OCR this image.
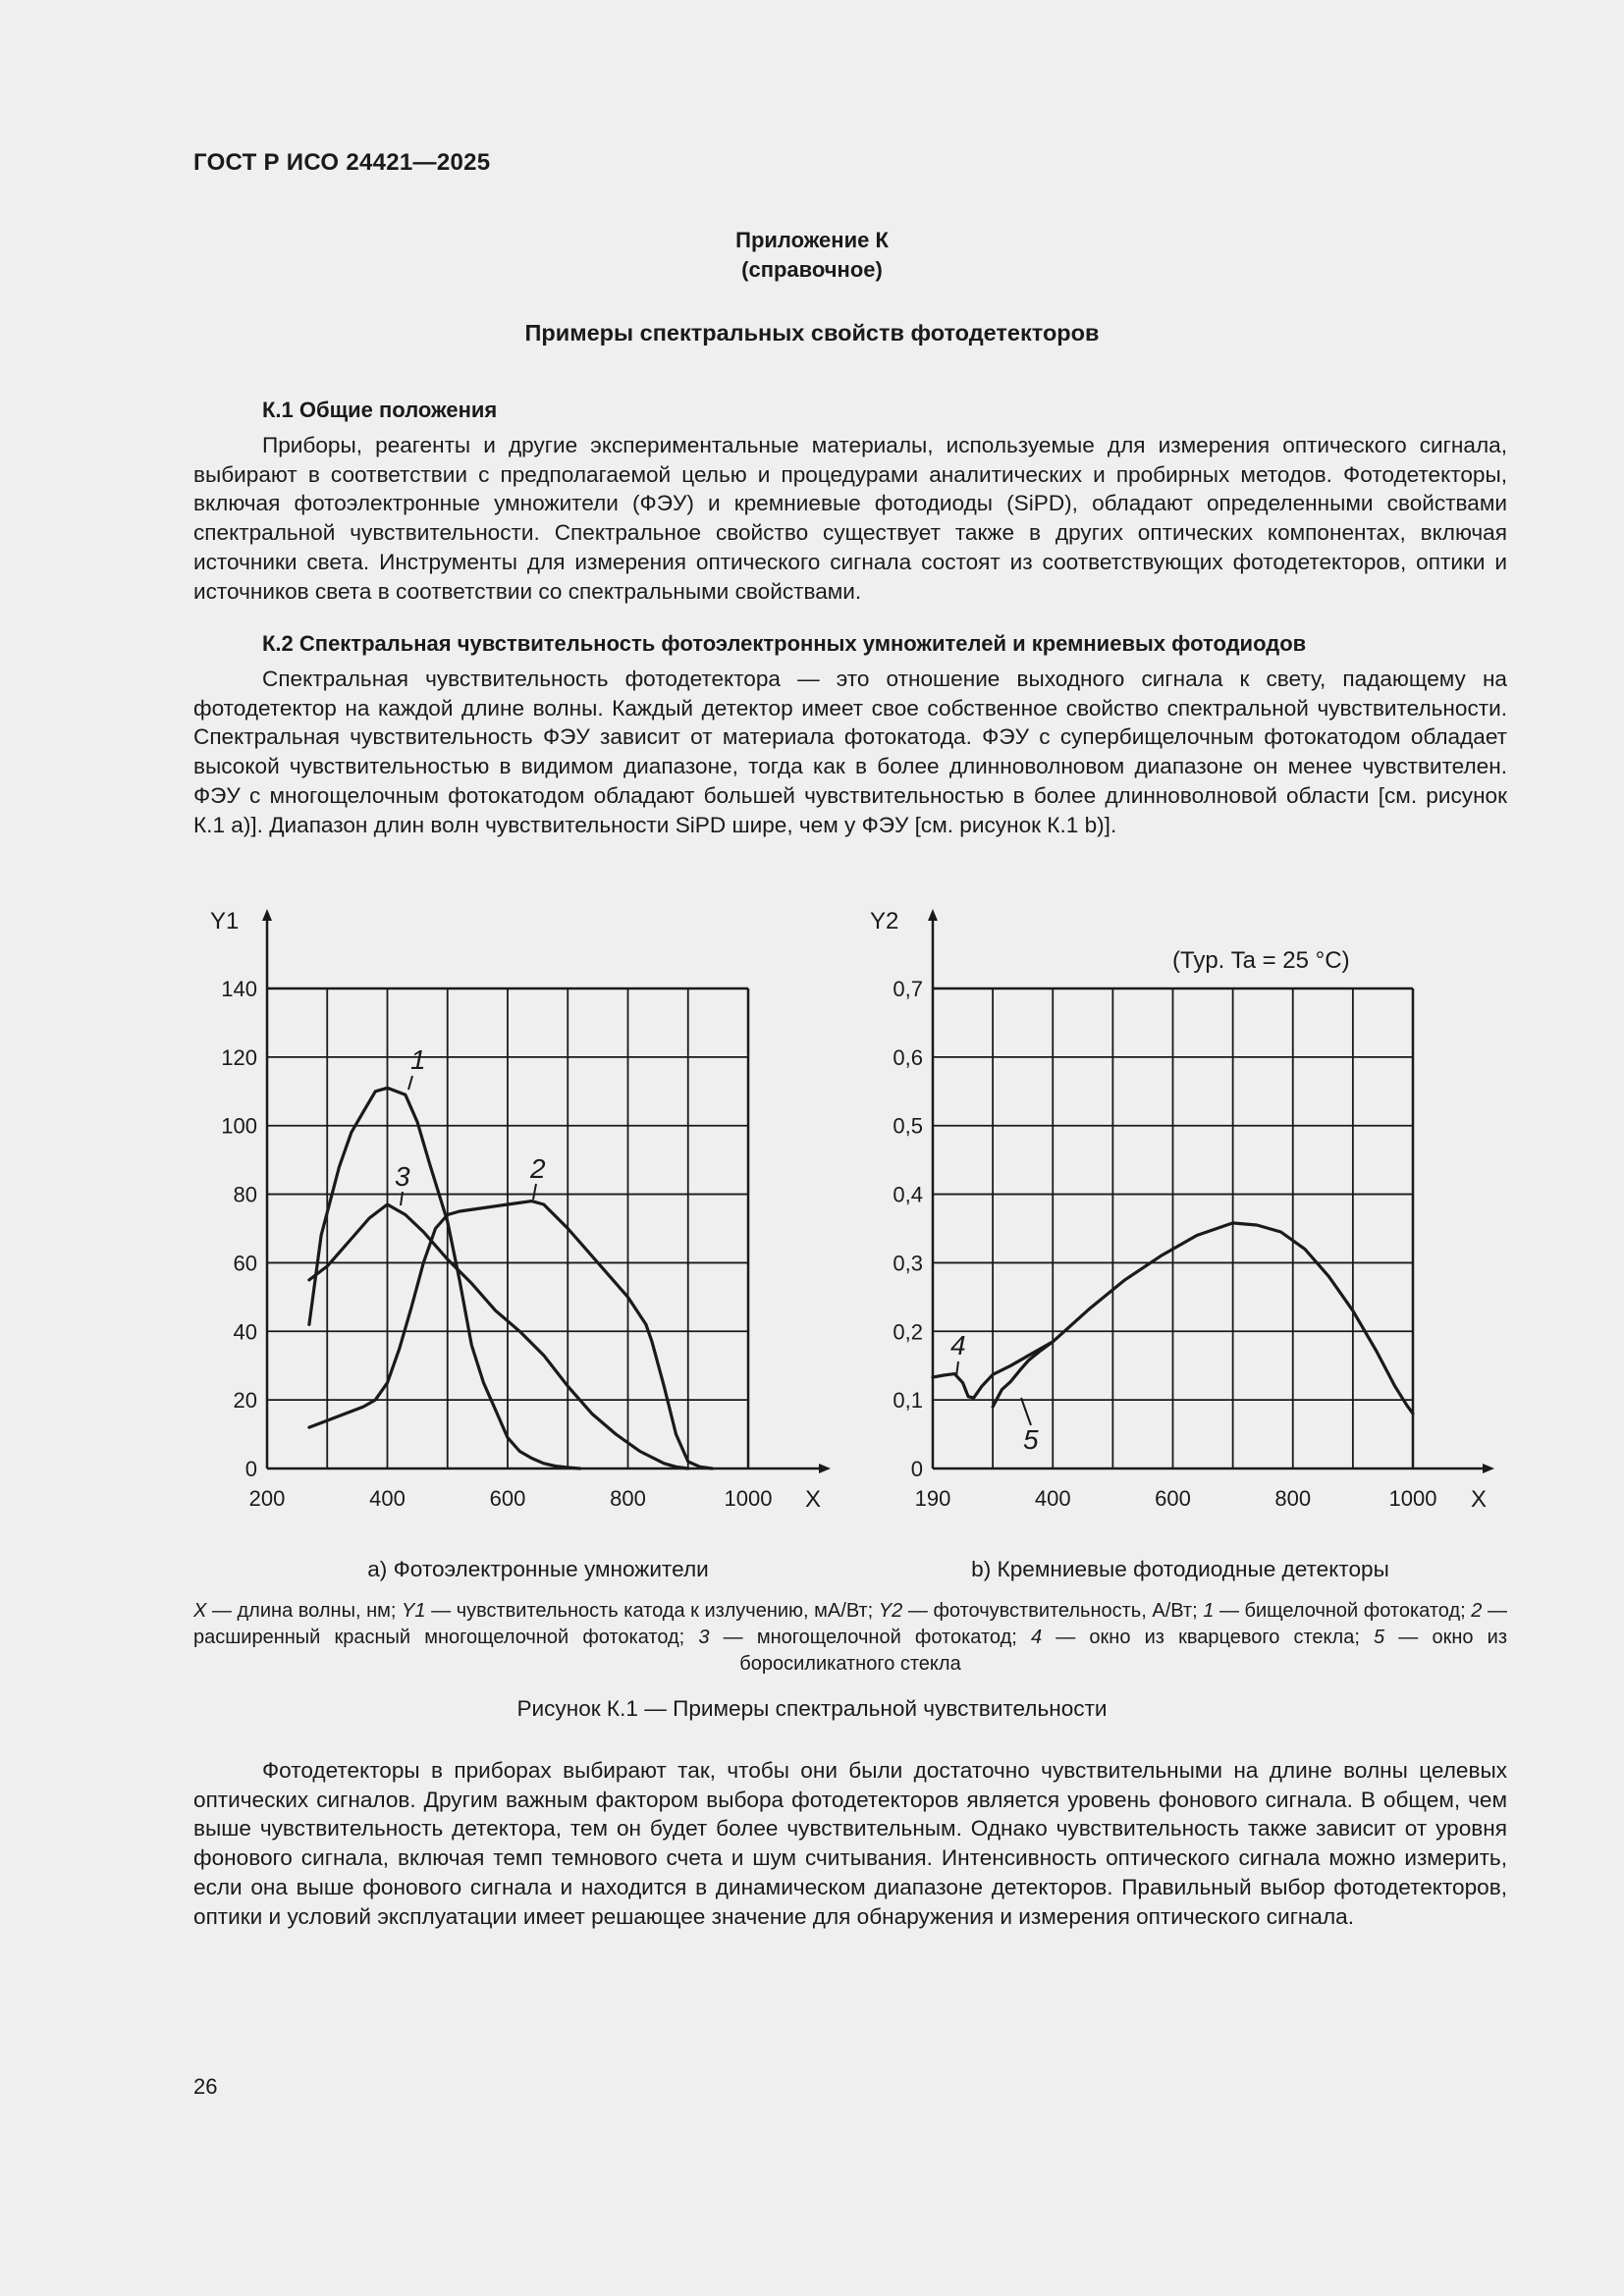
ГОСТ Р ИСО 24421—2025
Приложение К
(справочное)
Примеры спектральных свойств фотодетекторов
К.1 Общие положения

Приборы, реагенты и другие экспериментальные материалы, используемые для измерения оптического сигнала, выбирают в соответствии с предполагаемой целью и процедурами аналитических и пробирных методов. Фотодетекторы, включая фотоэлектронные умножители (ФЭУ) и кремниевые фотодиоды (SiPD), обладают определенными свойствами спектральной чувствительности. Спектральное свойство существует также в других оптических компонентах, включая источники света. Инструменты для измерения оптического сигнала состоят из соответствующих фотодетекторов, оптики и источников света в соответствии со спектральными свойствами.

К.2 Спектральная чувствительность фотоэлектронных умножителей и кремниевых фотодиодов

Спектральная чувствительность фотодетектора — это отношение выходного сигнала к свету, падающему на фотодетектор на каждой длине волны. Каждый детектор имеет свое собственное свойство спектральной чувствительности. Спектральная чувствительность ФЭУ зависит от материала фотокатода. ФЭУ с супербищелочным фотокатодом обладает высокой чувствительностью в видимом диапазоне, тогда как в более длинноволновом диапазоне он менее чувствителен. ФЭУ с многощелочным фотокатодом обладают большей чувствительностью в более длинноволновой области [см. рисунок К.1 а)]. Диапазон длин волн чувствительности SiPD шире, чем у ФЭУ [см. рисунок К.1 b)].

Y1
X
0
20
40
60
80
100
120
140
200	400	600	800	1000
1
2
3
Y2
X
(Typ. Ta = 25 °C)
0
0,1
0,2
0,3
0,4
0,5
0,6
0,7
190	400	600	800	1000
4
5
а) Фотоэлектронные умножители	b) Кремниевые фотодиодные детекторы
X — длина волны, нм; Y1 — чувствительность катода к излучению, мА/Вт; Y2 — фоточувствительность, А/Вт; 1 — бищелочной фотокатод; 2 — расширенный красный многощелочной фотокатод; 3 — многощелочной фотокатод; 4 — окно из кварцевого стекла; 5 — окно из боросиликатного стекла
Рисунок К.1 — Примеры спектральной чувствительности

Фотодетекторы в приборах выбирают так, чтобы они были достаточно чувствительными на длине волны целевых оптических сигналов. Другим важным фактором выбора фотодетекторов является уровень фонового сигнала. В общем, чем выше чувствительность детектора, тем он будет более чувствительным. Однако чувствительность также зависит от уровня фонового сигнала, включая темп темнового счета и шум считывания. Интенсивность оптического сигнала можно измерить, если она выше фонового сигнала и находится в динамическом диапазоне детекторов. Правильный выбор фотодетекторов, оптики и условий эксплуатации имеет решающее значение для обнаружения и измерения оптического сигнала.

26
